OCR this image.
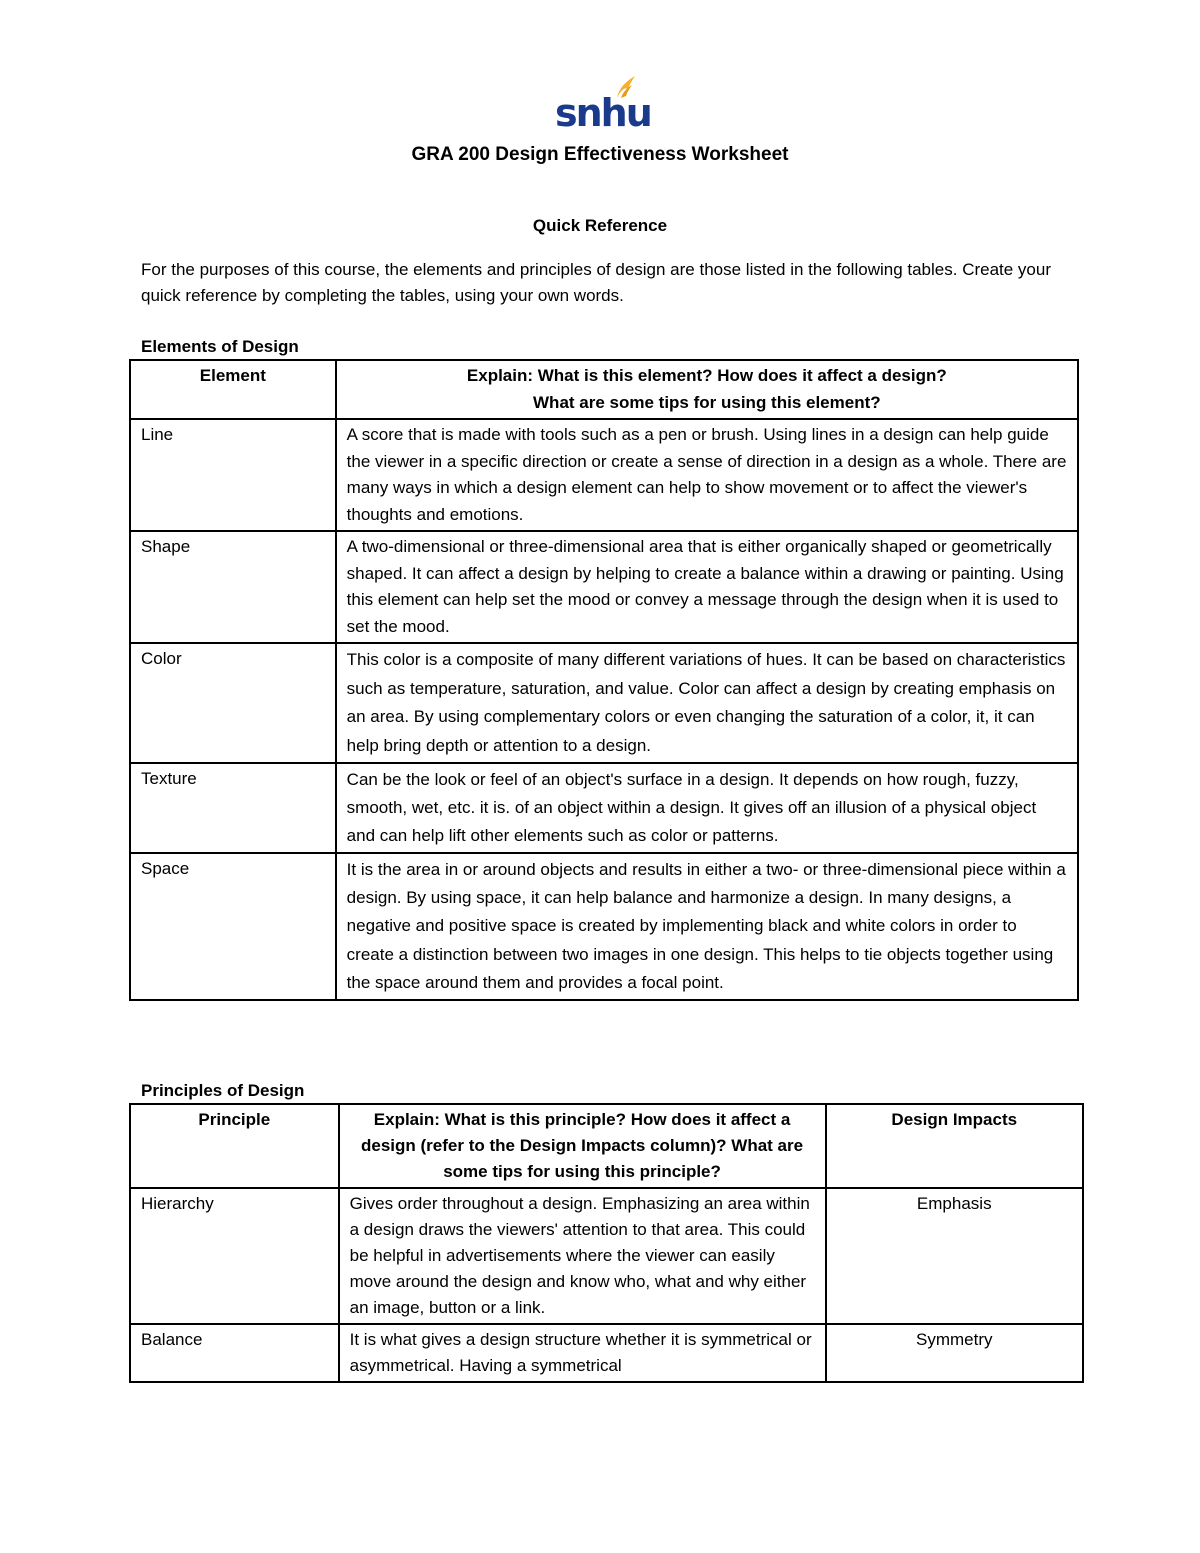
snhu
GRA 200 Design Effectiveness Worksheet
Quick Reference
For the purposes of this course, the elements and principles of design are those listed in the following tables. Create your quick reference by completing the tables, using your own words.
Elements of Design
Element	Explain: What is this element? How does it affect a design?
What are some tips for using this element?

Line	A score that is made with tools such as a pen or brush. Using lines in a design can help guide the viewer in a specific direction or create a sense of direction in a design as a whole. There are many ways in which a design element can help to show movement or to affect the viewer's thoughts and emotions.
Shape	A two-dimensional or three-dimensional area that is either organically shaped or geometrically shaped. It can affect a design by helping to create a balance within a drawing or painting. Using this element can help set the mood or convey a message through the design when it is used to set the mood.
Color	This color is a composite of many different variations of hues. It can be based on characteristics such as temperature, saturation, and value. Color can affect a design by creating emphasis on an area. By using complementary colors or even changing the saturation of a color, it, it can help bring depth or attention to a design.
Texture	Can be the look or feel of an object's surface in a design. It depends on how rough, fuzzy, smooth, wet, etc. it is. of an object within a design. It gives off an illusion of a physical object and can help lift other elements such as color or patterns.
Space	It is the area in or around objects and results in either a two- or three-dimensional piece within a design. By using space, it can help balance and harmonize a design. In many designs, a negative and positive space is created by implementing black and white colors in order to create a distinction between two images in one design. This helps to tie objects together using the space around them and provides a focal point.
Principles of Design
Principle	Explain: What is this principle? How does it affect a design (refer to the Design Impacts column)? What are some tips for using this principle?	Design Impacts
Hierarchy	Gives order throughout a design. Emphasizing an area within a design draws the viewers' attention to that area. This could be helpful in advertisements where the viewer can easily move around the design and know who, what and why either an image, button or a link.	Emphasis
Balance	It is what gives a design structure whether it is symmetrical or asymmetrical. Having a symmetrical	Symmetry
